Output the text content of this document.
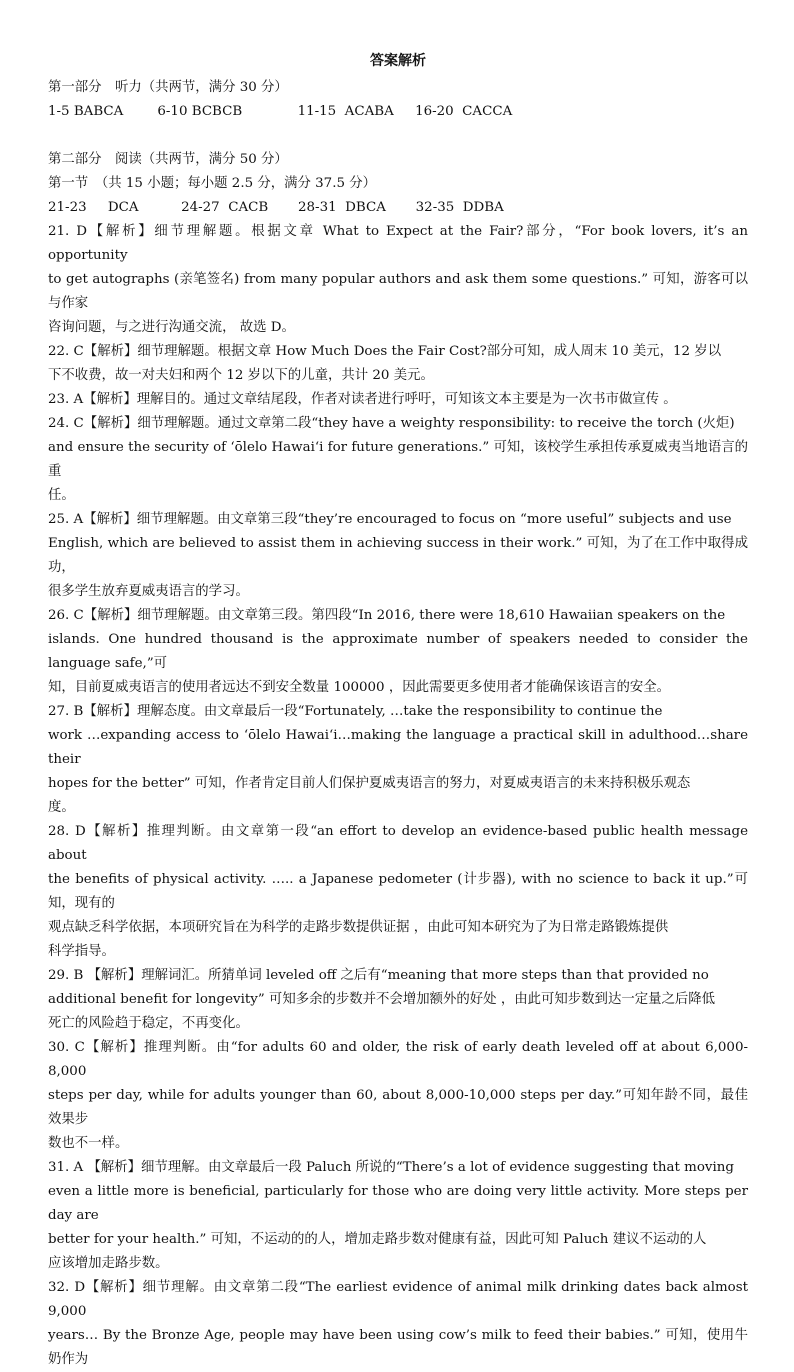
答案解析
第一部分　听力（共两节，满分 30 分）
1-5 BABCA        6-10 BCBCB             11-15  ACABA     16-20  CACCA
第二部分　阅读（共两节，满分 50 分）
第一节　（共 15 小题；每小题 2.5 分，满分 37.5 分）
21-23     DCA          24-27  CACB       28-31  DBCA       32-35  DDBA
21. D【解析】细节理解题。根据文章 What to Expect at the Fair?部分，“For book lovers, it’s an opportunity
to get autographs (亲笔签名) from many popular authors and ask them some questions.” 可知，游客可以与作家
咨询问题，与之进行沟通交流， 故选 D。
22. C【解析】细节理解题。根据文章 How Much Does the Fair Cost?部分可知，成人周末 10 美元，12 岁以
下不收费，故一对夫妇和两个 12 岁以下的儿童，共计 20 美元。
23. A【解析】理解目的。通过文章结尾段，作者对读者进行呼吁，可知该文本主要是为一次书市做宣传 。
24. C【解析】细节理解题。通过文章第二段“they have a weighty responsibility: to receive the torch (火炬)
and ensure the security of ʻōlelo Hawaiʻi for future generations.” 可知，该校学生承担传承夏威夷当地语言的重
任。
25. A【解析】细节理解题。由文章第三段“they’re encouraged to focus on “more useful” subjects and use
English, which are believed to assist them in achieving success in their work.” 可知，为了在工作中取得成功，
很多学生放弃夏威夷语言的学习。
26. C【解析】细节理解题。由文章第三段。第四段“In 2016, there were 18,610 Hawaiian speakers on the
islands. One hundred thousand is the approximate number of speakers needed to consider the language safe,”可
知，目前夏威夷语言的使用者远达不到安全数量 100000 ，因此需要更多使用者才能确保该语言的安全。
27. B【解析】理解态度。由文章最后一段“Fortunately, …take the responsibility to continue the
work …expanding access to ʻōlelo Hawaiʻi…making the language a practical skill in adulthood…share their
hopes for the better” 可知，作者肯定目前人们保护夏威夷语言的努力，对夏威夷语言的未来持积极乐观态
度。
28. D【解析】推理判断。由文章第一段“an effort to develop an evidence-based public health message about
the benefits of physical activity. ….. a Japanese pedometer (计步器), with no science to back it up.”可知，现有的
观点缺乏科学依据，本项研究旨在为科学的走路步数提供证据 ，由此可知本研究为了为日常走路锻炼提供
科学指导。
29. B 【解析】理解词汇。所猜单词 leveled off 之后有“meaning that more steps than that provided no
additional benefit for longevity” 可知多余的步数并不会增加额外的好处 ，由此可知步数到达一定量之后降低
死亡的风险趋于稳定，不再变化。
30. C【解析】推理判断。由“for adults 60 and older, the risk of early death leveled off at about 6,000-8,000
steps per day, while for adults younger than 60, about 8,000-10,000 steps per day.”可知年龄不同，最佳效果步
数也不一样。
31. A 【解析】细节理解。由文章最后一段 Paluch 所说的“There’s a lot of evidence suggesting that moving
even a little more is beneficial, particularly for those who are doing very little activity. More steps per day are
better for your health.” 可知，不运动的的人，增加走路步数对健康有益，因此可知 Paluch 建议不运动的人
应该增加走路步数。
32. D【解析】细节理解。由文章第二段“The earliest evidence of animal milk drinking dates back almost 9,000
years… By the Bronze Age, people may have been using cow’s milk to feed their babies.” 可知，使用牛奶作为
